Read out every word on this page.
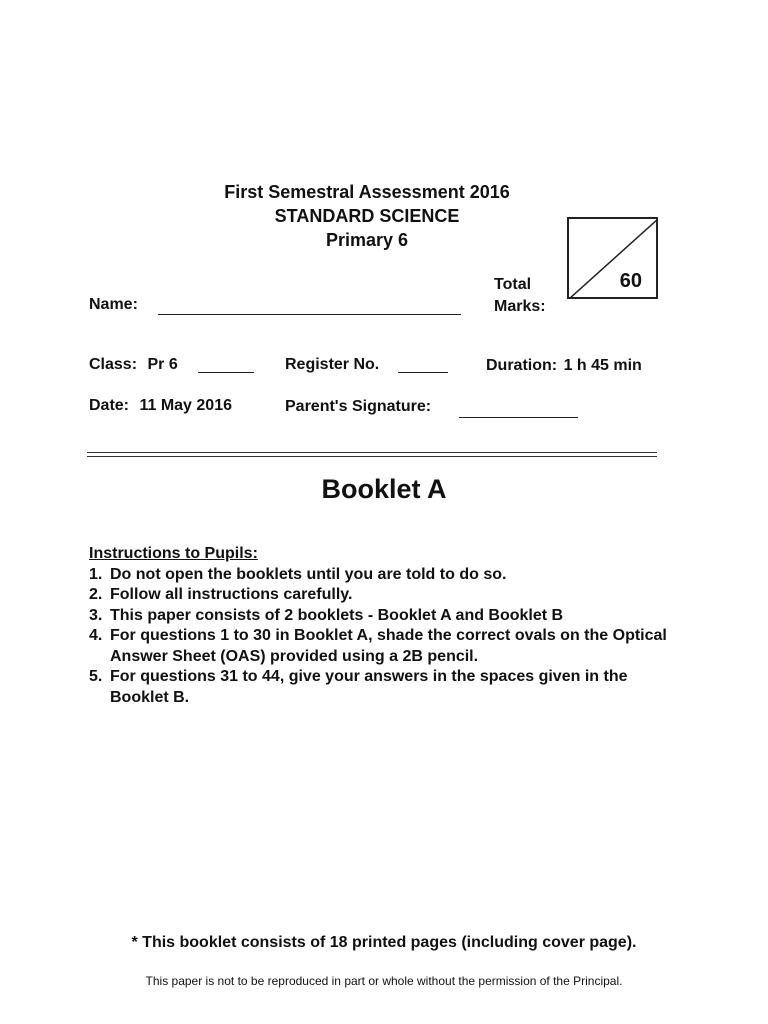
First Semestral Assessment 2016
STANDARD SCIENCE
Primary 6
Total
Marks:
60
Name:
Class: Pr 6	Register No.	Duration: 1 h 45 min
Date: 11 May 2016	Parent's Signature:
Booklet A
Instructions to Pupils:
1. Do not open the booklets until you are told to do so.
2. Follow all instructions carefully.
3. This paper consists of 2 booklets - Booklet A and Booklet B
4. For questions 1 to 30 in Booklet A, shade the correct ovals on the Optical Answer Sheet (OAS) provided using a 2B pencil.
5. For questions 31 to 44, give your answers in the spaces given in the Booklet B.
* This booklet consists of 18 printed pages (including cover page).
This paper is not to be reproduced in part or whole without the permission of the Principal.
